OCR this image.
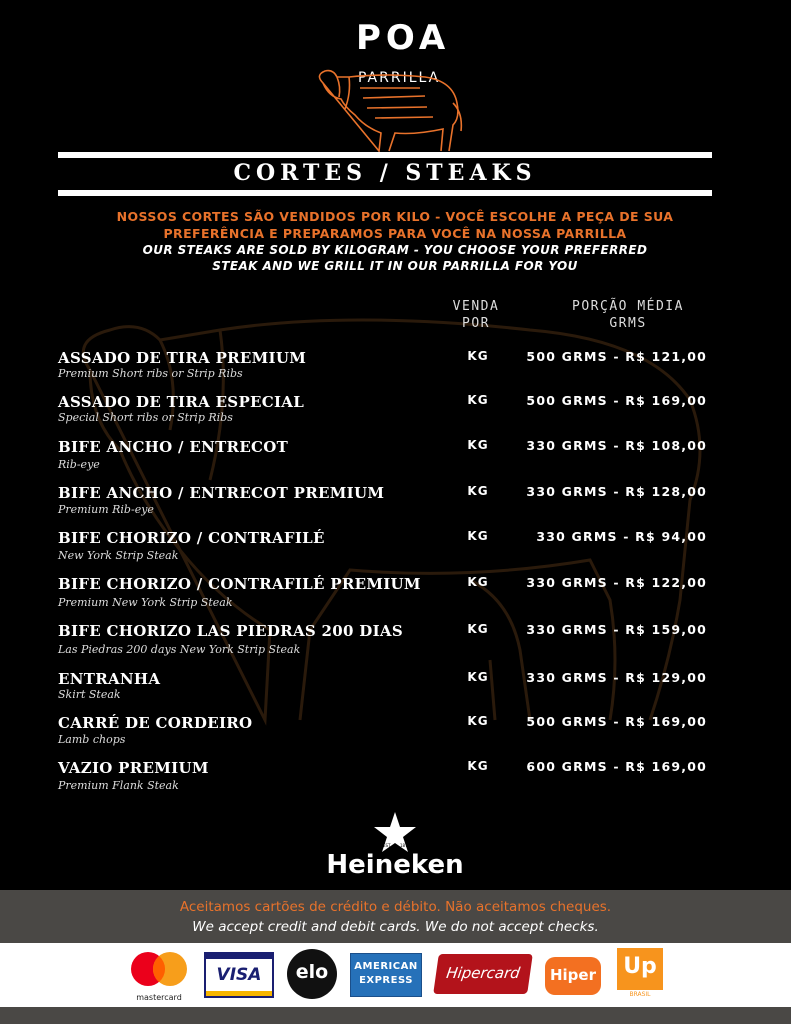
POA
PARRILLA
CORTES / STEAKS
NOSSOS CORTES SÃO VENDIDOS POR KILO - VOCÊ ESCOLHE A PEÇA DE SUA
PREFERÊNCIA E PREPARAMOS PARA VOCÊ NA NOSSA PARRILLA
OUR STEAKS ARE SOLD BY KILOGRAM - YOU CHOOSE YOUR PREFERRED
STEAK AND WE GRILL IT IN OUR PARRILLA FOR YOU
VENDA
POR
PORÇÃO MÉDIA
GRMS
ASSADO DE TIRA PREMIUM
Premium Short ribs or Strip Ribs
KG	500 GRMS - R$ 121,00
ASSADO DE TIRA ESPECIAL
Special Short ribs or Strip Ribs
KG	500 GRMS - R$ 169,00
BIFE ANCHO / ENTRECOT
Rib-eye
KG	330 GRMS - R$ 108,00
BIFE ANCHO / ENTRECOT PREMIUM
Premium Rib-eye
KG	330 GRMS - R$ 128,00
BIFE CHORIZO / CONTRAFILÉ
New York Strip Steak
KG	330 GRMS - R$ 94,00
BIFE CHORIZO / CONTRAFILÉ PREMIUM
Premium New York Strip Steak
KG	330 GRMS - R$ 122,00
BIFE CHORIZO LAS PIEDRAS 200 DIAS
Las Piedras 200 days New York Strip Steak
KG	330 GRMS - R$ 159,00
ENTRANHA
Skirt Steak
KG	330 GRMS - R$ 129,00
CARRÉ DE CORDEIRO
Lamb chops
KG	500 GRMS - R$ 169,00
VAZIO PREMIUM
Premium Flank Steak
KG	600 GRMS - R$ 169,00
EST. 1873
Heineken
Aceitamos cartões de crédito e débito. Não aceitamos cheques.
We accept credit and debit cards. We do not accept checks.
mastercard
VISA	elo	AMERICAN
EXPRESS	Hipercard	Hiper Up
BRASIL
